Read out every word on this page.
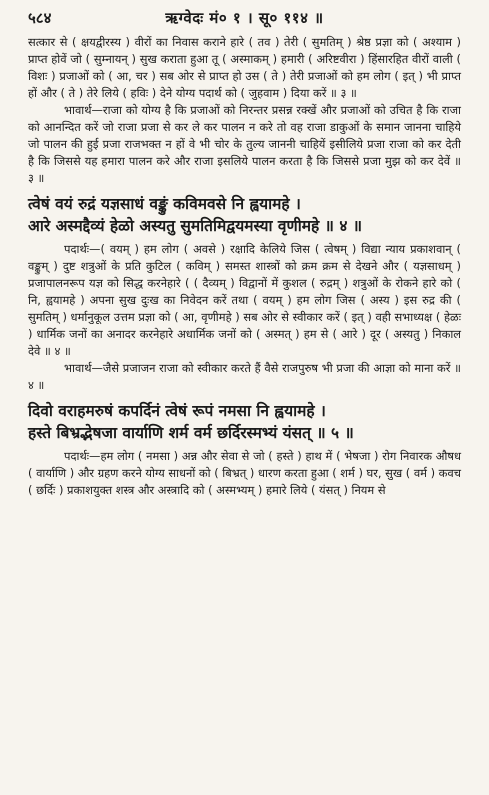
५८४	ऋग्वेदः मं० १ । सू० ११४ ॥

सत्कार से ( क्षयद्वीरस्य ) वीरों का निवास कराने हारे ( तव ) तेरी ( सुमतिम् ) श्रेष्ठ प्रज्ञा को ( अश्याम ) प्राप्त होवें जो ( सुम्नायन् ) सुख कराता हुआ तू ( अस्माकम् ) हमारी ( अरिष्टवीरा ) हिंसारहित वीरों वाली ( विशः ) प्रजाओं को ( आ, चर ) सब ओर से प्राप्त हो उस ( ते ) तेरी प्रजाओं को हम लोग ( इत् ) भी प्राप्त हों और ( ते ) तेरे लिये ( हविः ) देने योग्य पदार्थ को ( जुहवाम ) दिया करें ॥ ३ ॥

भावार्थ—राजा को योग्य है कि प्रजाओं को निरन्तर प्रसन्न रक्खें और प्रजाओं को उचित है कि राजा को आनन्दित करें जो राजा प्रजा से कर ले कर पालन न करे तो वह राजा डाकुओं के समान जानना चाहिये जो पालन की हुई प्रजा राजभक्त न हों वे भी चोर के तुल्य जाननी चाहियें इसीलिये प्रजा राजा को कर देती है कि जिससे यह हमारा पालन करे और राजा इसलिये पालन करता है कि जिससे प्रजा मुझ को कर देवें ॥ ३ ॥

त्वेषं वयं रुद्रं यज्ञसाधं वङ्कुं कविमवसे नि ह्वयामहे ।
आरे अस्मद्दैव्यं हेळो अस्यतु सुमतिमिद्वयमस्या वृणीमहे ॥ ४ ॥

पदार्थः—( वयम् ) हम लोग ( अवसे ) रक्षादि केलिये जिस ( त्वेषम् ) विद्या न्याय प्रकाशवान् ( वङ्कुम् ) दुष्ट शत्रुओं के प्रति कुटिल ( कविम् ) समस्त शास्त्रों को क्रम क्रम से देखने और ( यज्ञसाधम् ) प्रजापालनरूप यज्ञ को सिद्ध करनेहारे ( ( दैव्यम् ) विद्वानों में कुशल ( रुद्रम् ) शत्रुओं के रोकने हारे को ( नि, ह्वयामहे ) अपना सुख दुःख का निवेदन करें तथा ( वयम् ) हम लोग जिस ( अस्य ) इस रुद्र की ( सुमतिम् ) धर्मानुकूल उत्तम प्रज्ञा को ( आ, वृणीमहे ) सब ओर से स्वीकार करें ( इत् ) वही सभाध्यक्ष ( हेळः ) धार्मिक जनों का अनादर करनेहारे अधार्मिक जनों को ( अस्मत् ) हम से ( आरे ) दूर ( अस्यतु ) निकाल देवे ॥ ४ ॥

भावार्थ—जैसे प्रजाजन राजा को स्वीकार करते हैं वैसे राजपुरुष भी प्रजा की आज्ञा को माना करें ॥ ४ ॥

दिवो वराहमरुषं कपर्दिनं त्वेषं रूपं नमसा नि ह्वयामहे ।
हस्ते बिभ्रद्भेषजा वार्याणि शर्म वर्म छर्दिरस्मभ्यं यंसत् ॥ ५ ॥

पदार्थः—हम लोग ( नमसा ) अन्न और सेवा से जो ( हस्ते ) हाथ में ( भेषजा ) रोग निवारक औषध ( वार्याणि ) और ग्रहण करने योग्य साधनों को ( बिभ्रत् ) धारण करता हुआ ( शर्म ) घर, सुख ( वर्म ) कवच ( छर्दिः ) प्रकाशयुक्त शस्त्र और अस्त्रादि को ( अस्मभ्यम् ) हमारे लिये ( यंसत् ) नियम से
